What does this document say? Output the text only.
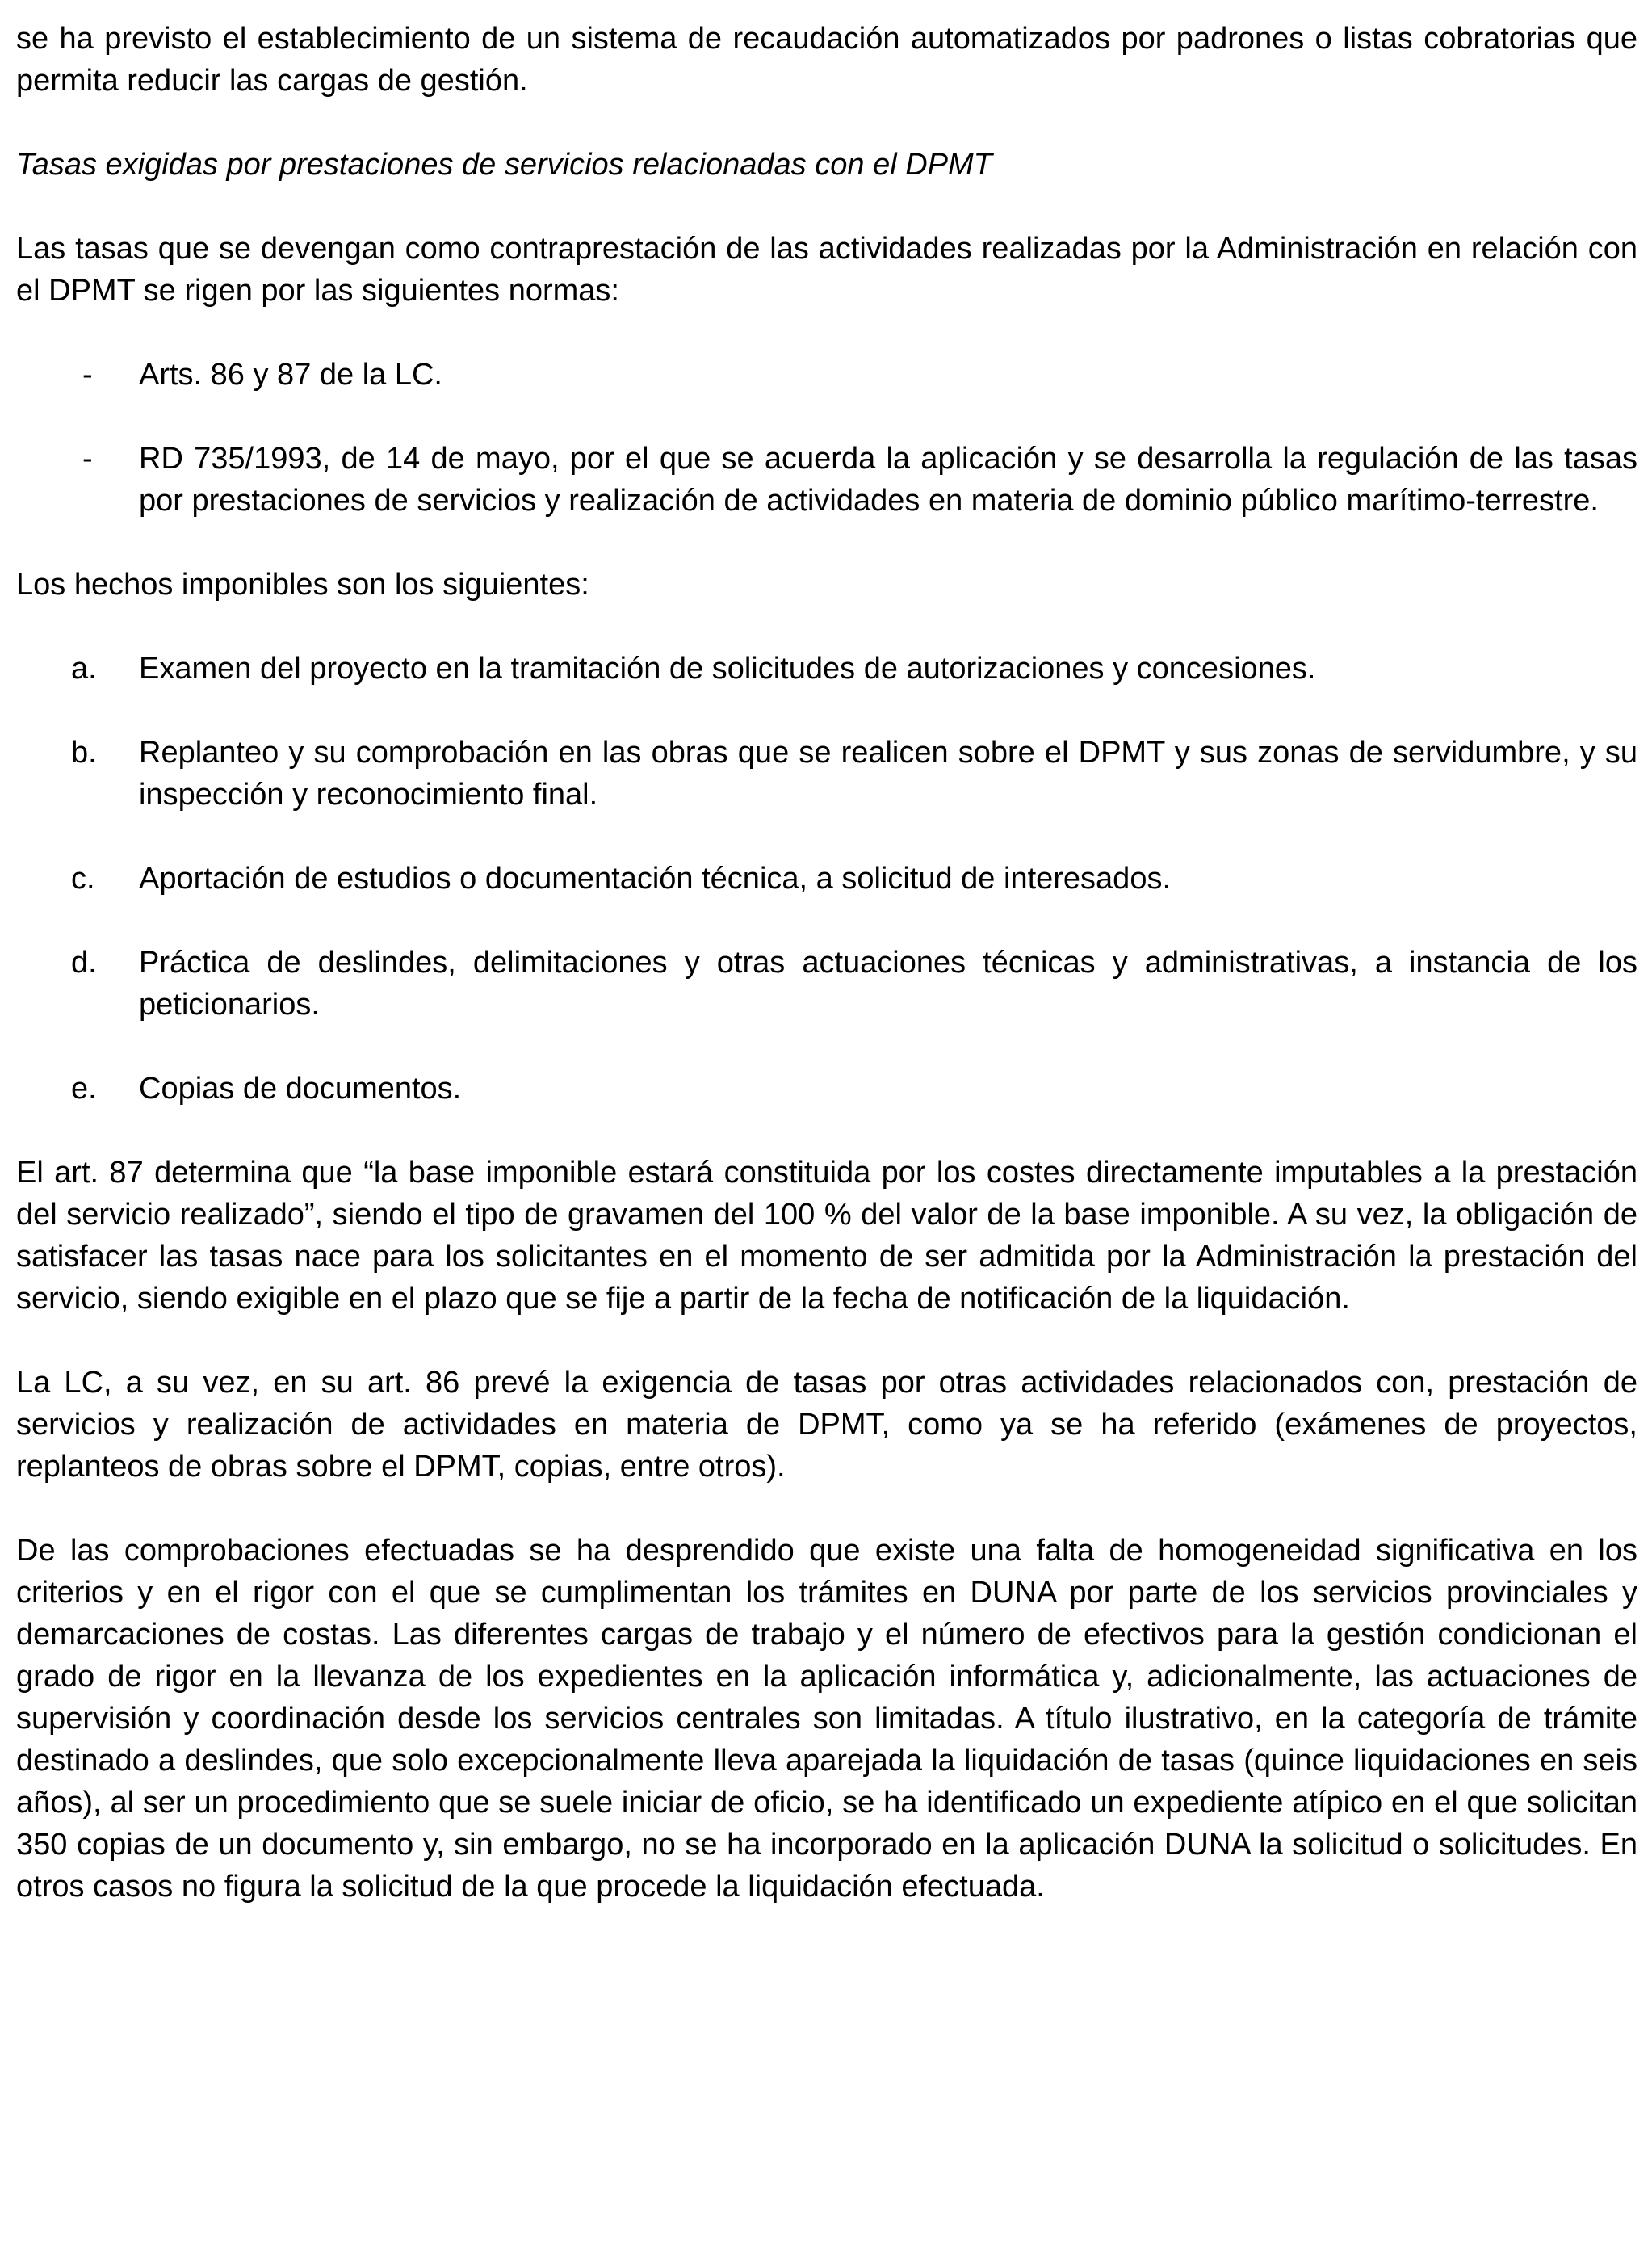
se ha previsto el establecimiento de un sistema de recaudación automatizados por padrones o listas cobratorias que permita reducir las cargas de gestión.

Tasas exigidas por prestaciones de servicios relacionadas con el DPMT

Las tasas que se devengan como contraprestación de las actividades realizadas por la Administración en relación con el DPMT se rigen por las siguientes normas:

- Arts. 86 y 87 de la LC.
- RD 735/1993, de 14 de mayo, por el que se acuerda la aplicación y se desarrolla la regulación de las tasas por prestaciones de servicios y realización de actividades en materia de dominio público marítimo-terrestre.

Los hechos imponibles son los siguientes:

a. Examen del proyecto en la tramitación de solicitudes de autorizaciones y concesiones.
b. Replanteo y su comprobación en las obras que se realicen sobre el DPMT y sus zonas de servidumbre, y su inspección y reconocimiento final.
c. Aportación de estudios o documentación técnica, a solicitud de interesados.
d. Práctica de deslindes, delimitaciones y otras actuaciones técnicas y administrativas, a instancia de los peticionarios.
e. Copias de documentos.

El art. 87 determina que “la base imponible estará constituida por los costes directamente imputables a la prestación del servicio realizado”, siendo el tipo de gravamen del 100 % del valor de la base imponible. A su vez, la obligación de satisfacer las tasas nace para los solicitantes en el momento de ser admitida por la Administración la prestación del servicio, siendo exigible en el plazo que se fije a partir de la fecha de notificación de la liquidación.

La LC, a su vez, en su art. 86 prevé la exigencia de tasas por otras actividades relacionados con, prestación de servicios y realización de actividades en materia de DPMT, como ya se ha referido (exámenes de proyectos, replanteos de obras sobre el DPMT, copias, entre otros).

De las comprobaciones efectuadas se ha desprendido que existe una falta de homogeneidad significativa en los criterios y en el rigor con el que se cumplimentan los trámites en DUNA por parte de los servicios provinciales y demarcaciones de costas. Las diferentes cargas de trabajo y el número de efectivos para la gestión condicionan el grado de rigor en la llevanza de los expedientes en la aplicación informática y, adicionalmente, las actuaciones de supervisión y coordinación desde los servicios centrales son limitadas. A título ilustrativo, en la categoría de trámite destinado a deslindes, que solo excepcionalmente lleva aparejada la liquidación de tasas (quince liquidaciones en seis años), al ser un procedimiento que se suele iniciar de oficio, se ha identificado un expediente atípico en el que solicitan 350 copias de un documento y, sin embargo, no se ha incorporado en la aplicación DUNA la solicitud o solicitudes. En otros casos no figura la solicitud de la que procede la liquidación efectuada.
